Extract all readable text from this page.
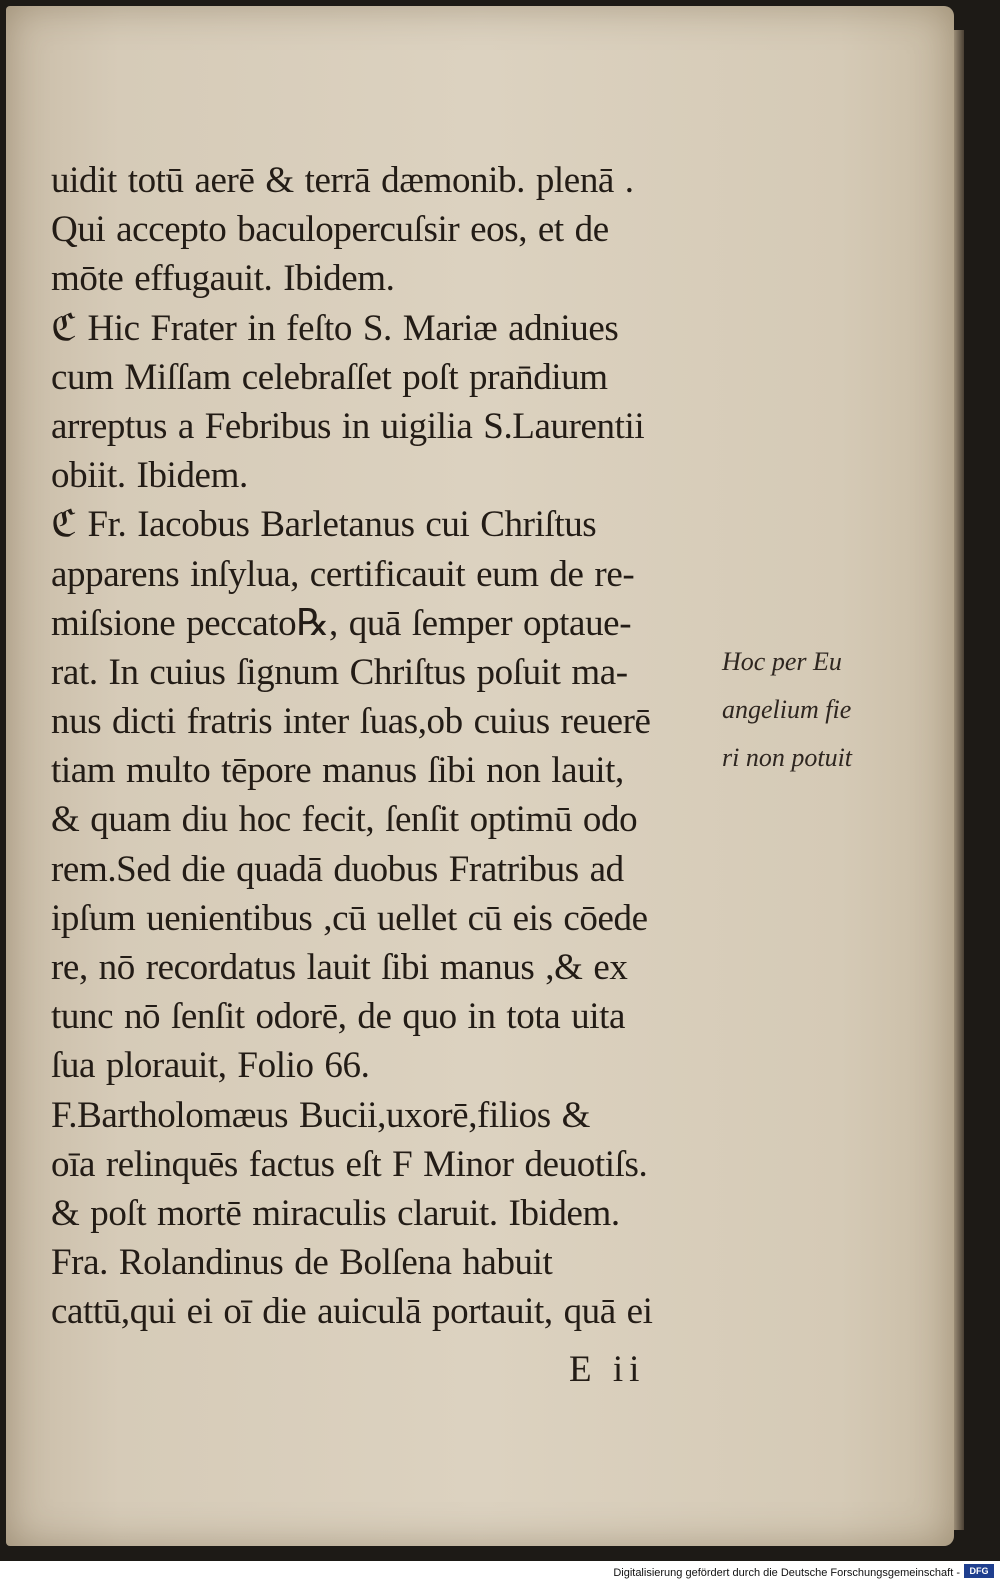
uidit totū aerē & terrā dæmonib. plenā .
Qui accepto baculopercuſsir eos, et de
mōte effugauit. Ibidem.
ℭ Hic Frater in feſto S. Mariæ adniues
cum Miſſam celebraſſet poſt pran̄dium
arreptus a Febribus in uigilia S.Laurentii
obiit. Ibidem.
ℭ Fr. Iacobus Barletanus cui Chriſtus
apparens inſylua, certificauit eum de re-
miſsione peccato℞, quā ſemper optaue-
rat. In cuius ſignum Chriſtus poſuit ma-
nus dicti fratris inter ſuas,ob cuius reuerē
tiam multo tēpore manus ſibi non lauit,
& quam diu hoc fecit, ſenſit optimū odo
rem.Sed die quadā duobus Fratribus ad
ipſum uenientibus ,cū uellet cū eis cōede
re, nō recordatus lauit ſibi manus ,& ex
tunc nō ſenſit odorē, de quo in tota uita
ſua plorauit, Folio 66.
F.Bartholomæus Bucii,uxorē,filios &
oīa relinquēs factus eſt F Minor deuotiſs.
& poſt mortē miraculis claruit. Ibidem.
Fra. Rolandinus de Bolſena habuit
cattū,qui ei oī die auiculā portauit, quā ei
Hoc per Eu
angelium fie
ri non potuit
E ii
Digitalisierung gefördert durch die Deutsche Forschungsgemeinschaft -	DFG
